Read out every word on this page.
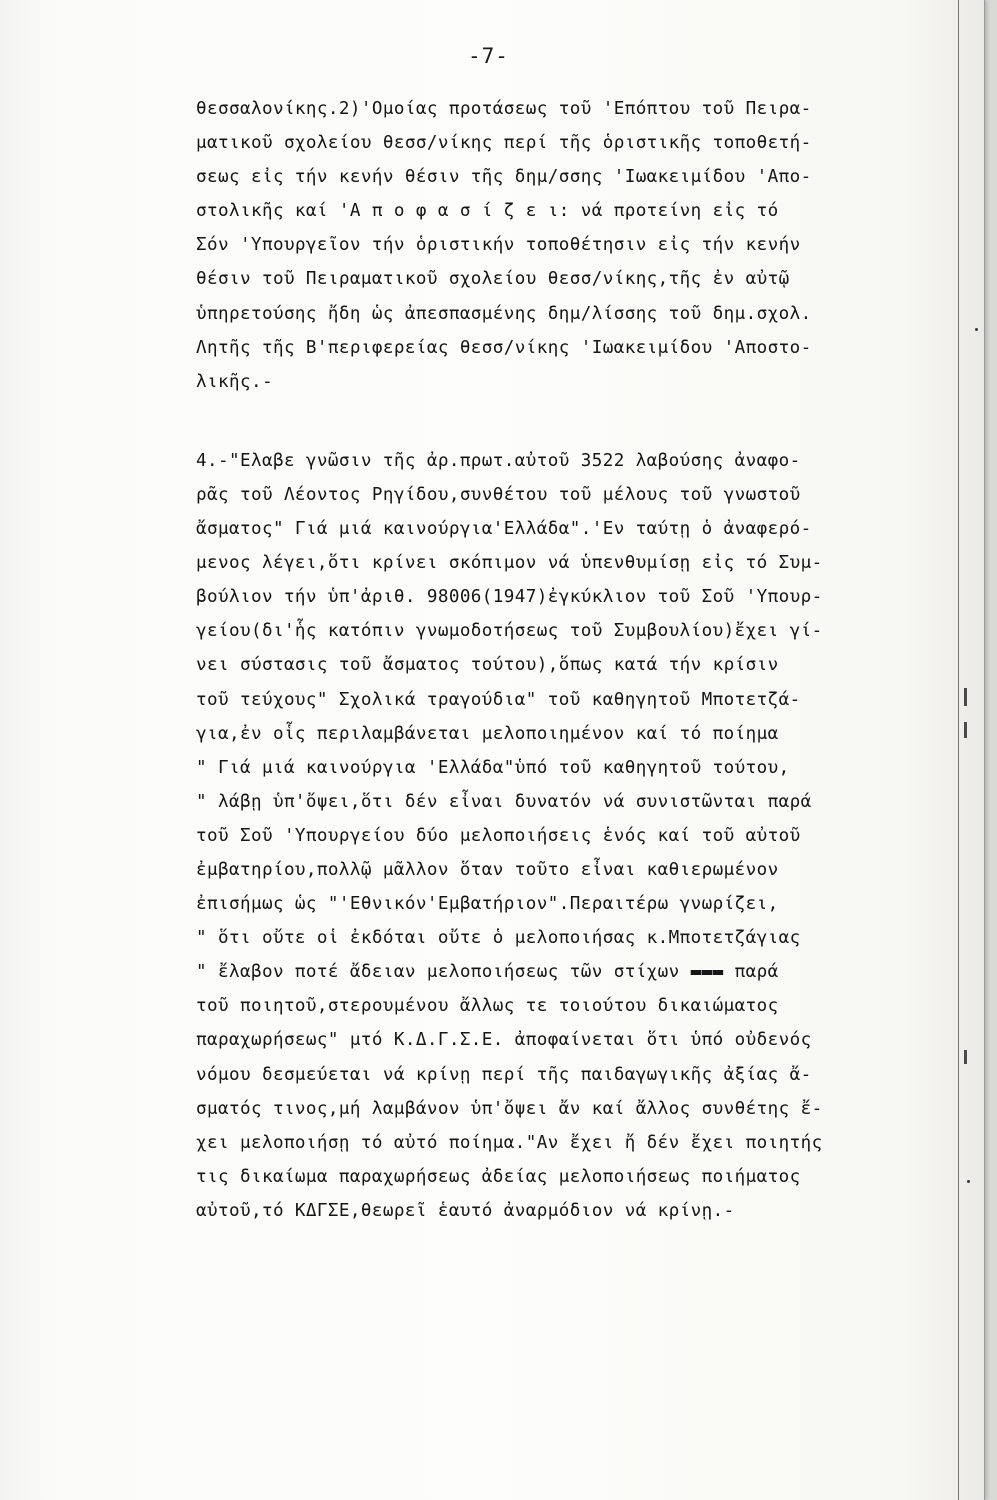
-7-
θεσσαλονίκης.2)'Ομοίας προτάσεως τοῦ 'Επόπτου τοῦ Πειρα-
ματικοῦ σχολείου θεσσ/νίκης περί τῆς ὁριστικῆς τοποθετή-
σεως εἰς τήν κενήν θέσιν τῆς δημ/σσης 'Ιωακειμίδου 'Απο-
στολικῆς καί 'Α π ο φ α σ ί ζ ε ι: νά προτείνη εἰς τό
Σόν 'Υπουργεῖον τήν ὁριστικήν τοποθέτησιν εἰς τήν κενήν
θέσιν τοῦ Πειραματικοῦ σχολείου θεσσ/νίκης,τῆς ἐν αὐτῷ
ὑπηρετούσης ἤδη ὡς ἀπεσπασμένης δημ/λίσσης τοῦ δημ.σχολ.
Λητῆς τῆς Β'περιφερείας θεσσ/νίκης 'Ιωακειμίδου 'Αποστο-
λικῆς.-
4.-"Ελαβε γνῶσιν τῆς ἀρ.πρωτ.αὐτοῦ 3522 λαβούσης ἀναφο-
ρᾶς τοῦ Λέοντος Ρηγίδου,συνθέτου τοῦ μέλους τοῦ γνωστοῦ
ἄσματος" Γιά μιά καινούργια'Ελλάδα".'Εν ταύτῃ ὁ ἀναφερό-
μενος λέγει,ὅτι κρίνει σκόπιμον νά ὑπενθυμίσῃ εἰς τό Συμ-
βούλιον τήν ὑπ'ἀριθ. 98006(1947)ἐγκύκλιον τοῦ Σοῦ 'Υπουρ-
γείου(δι'ἧς κατόπιν γνωμοδοτήσεως τοῦ Συμβουλίου)ἔχει γί-
νει σύστασις τοῦ ἄσματος τούτου),ὅπως κατά τήν κρίσιν
τοῦ τεύχους" Σχολικά τραγούδια" τοῦ καθηγητοῦ Μποτετζά-
για,ἐν οἷς περιλαμβάνεται μελοποιημένον καί τό ποίημα
" Γιά μιά καινούργια 'Ελλάδα"ὑπό τοῦ καθηγητοῦ τούτου,
" λάβῃ ὑπ'ὄψει,ὅτι δέν εἶναι δυνατόν νά συνιστῶνται παρά
τοῦ Σοῦ 'Υπουργείου δύο μελοποιήσεις ἑνός καί τοῦ αὐτοῦ
ἐμβατηρίου,πολλῷ μᾶλλον ὅταν τοῦτο εἶναι καθιερωμένον
ἐπισήμως ὡς "'Εθνικόν'Εμβατήριον".Περαιτέρω γνωρίζει,
" ὅτι οὔτε οἱ ἐκδόται οὔτε ὁ μελοποιήσας κ.Μποτετζάγιας
" ἔλαβον ποτέ ἄδειαν μελοποιήσεως τῶν στίχων ▬▬▬ παρά
τοῦ ποιητοῦ,στερουμένου ἄλλως τε τοιούτου δικαιώματος
παραχωρήσεως" μτό Κ.Δ.Γ.Σ.Ε. ἀποφαίνεται ὅτι ὑπό οὐδενός
νόμου δεσμεύεται νά κρίνῃ περί τῆς παιδαγωγικῆς ἀξίας ἄ-
σματός τινος,μή λαμβάνον ὑπ'ὄψει ἄν καί ἄλλος συνθέτης ἔ-
χει μελοποιήσῃ τό αὐτό ποίημα."Αν ἔχει ἤ δέν ἔχει ποιητής
τις δικαίωμα παραχωρήσεως ἀδείας μελοποιήσεως ποιήματος
αὐτοῦ,τό ΚΔΓΣΕ,θεωρεῖ ἑαυτό ἀναρμόδιον νά κρίνῃ.-
